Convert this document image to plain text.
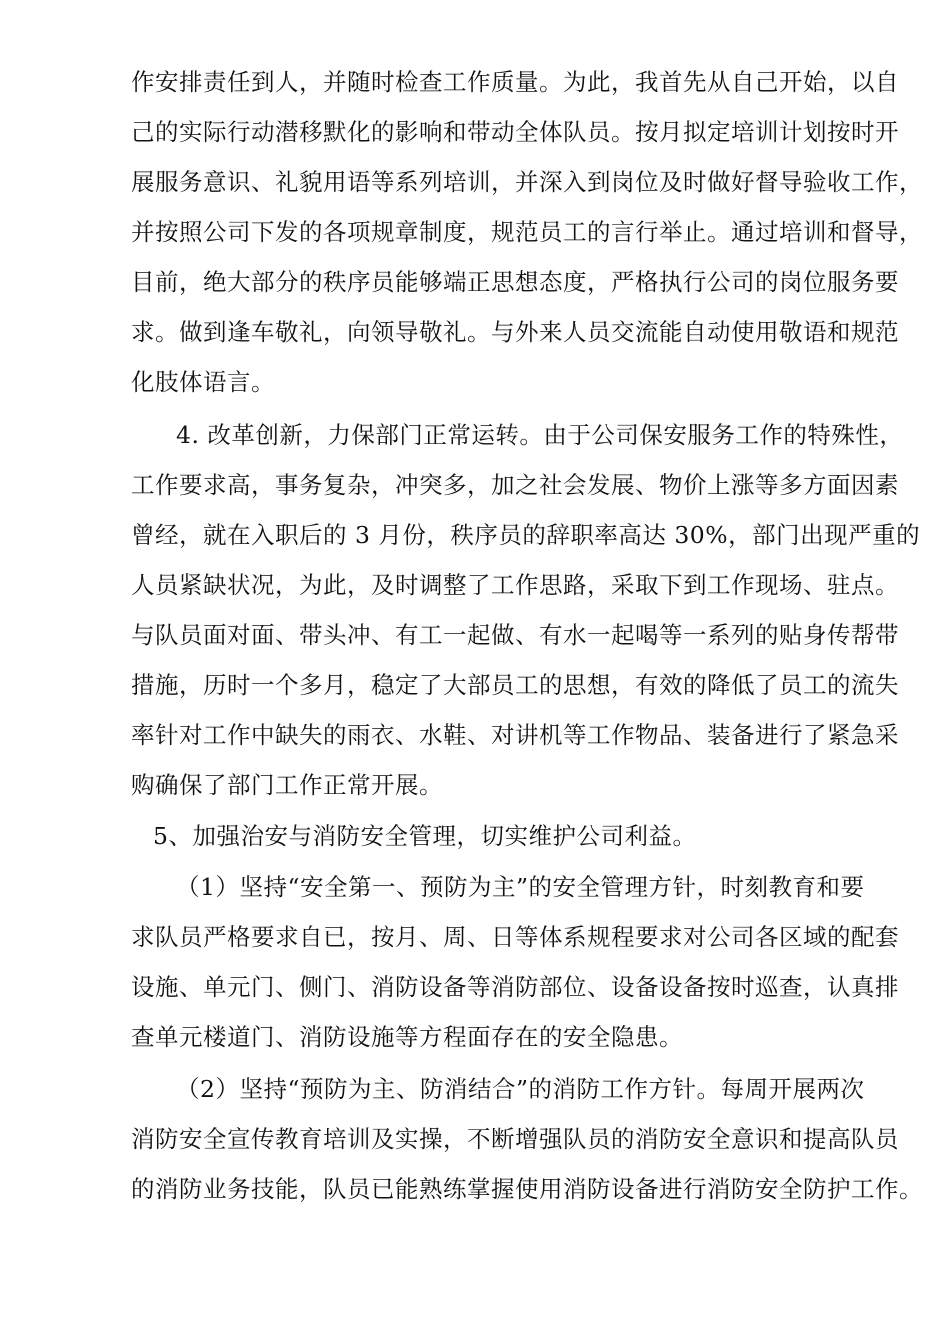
作安排责任到人，并随时检查工作质量。为此，我首先从自己开始，以自
己的实际行动潜移默化的影响和带动全体队员。按月拟定培训计划按时开
展服务意识、礼貌用语等系列培训，并深入到岗位及时做好督导验收工作，
并按照公司下发的各项规章制度，规范员工的言行举止。通过培训和督导，
目前，绝大部分的秩序员能够端正思想态度，严格执行公司的岗位服务要
求。做到逢车敬礼，向领导敬礼。与外来人员交流能自动使用敬语和规范
化肢体语言。
4. 改革创新，力保部门正常运转。由于公司保安服务工作的特殊性，
工作要求高，事务复杂，冲突多，加之社会发展、物价上涨等多方面因素
曾经，就在入职后的 3 月份，秩序员的辞职率高达 30%，部门出现严重的
人员紧缺状况，为此，及时调整了工作思路，采取下到工作现场、驻点。
与队员面对面、带头冲、有工一起做、有水一起喝等一系列的贴身传帮带
措施，历时一个多月，稳定了大部员工的思想，有效的降低了员工的流失
率针对工作中缺失的雨衣、水鞋、对讲机等工作物品、装备进行了紧急采
购确保了部门工作正常开展。
5、加强治安与消防安全管理，切实维护公司利益。
（1）坚持“安全第一、预防为主”的安全管理方针，时刻教育和要
求队员严格要求自已，按月、周、日等体系规程要求对公司各区域的配套
设施、单元门、侧门、消防设备等消防部位、设备设备按时巡查，认真排
查单元楼道门、消防设施等方程面存在的安全隐患。
（2）坚持“预防为主、防消结合”的消防工作方针。每周开展两次
消防安全宣传教育培训及实操，不断增强队员的消防安全意识和提高队员
的消防业务技能，队员已能熟练掌握使用消防设备进行消防安全防护工作。
